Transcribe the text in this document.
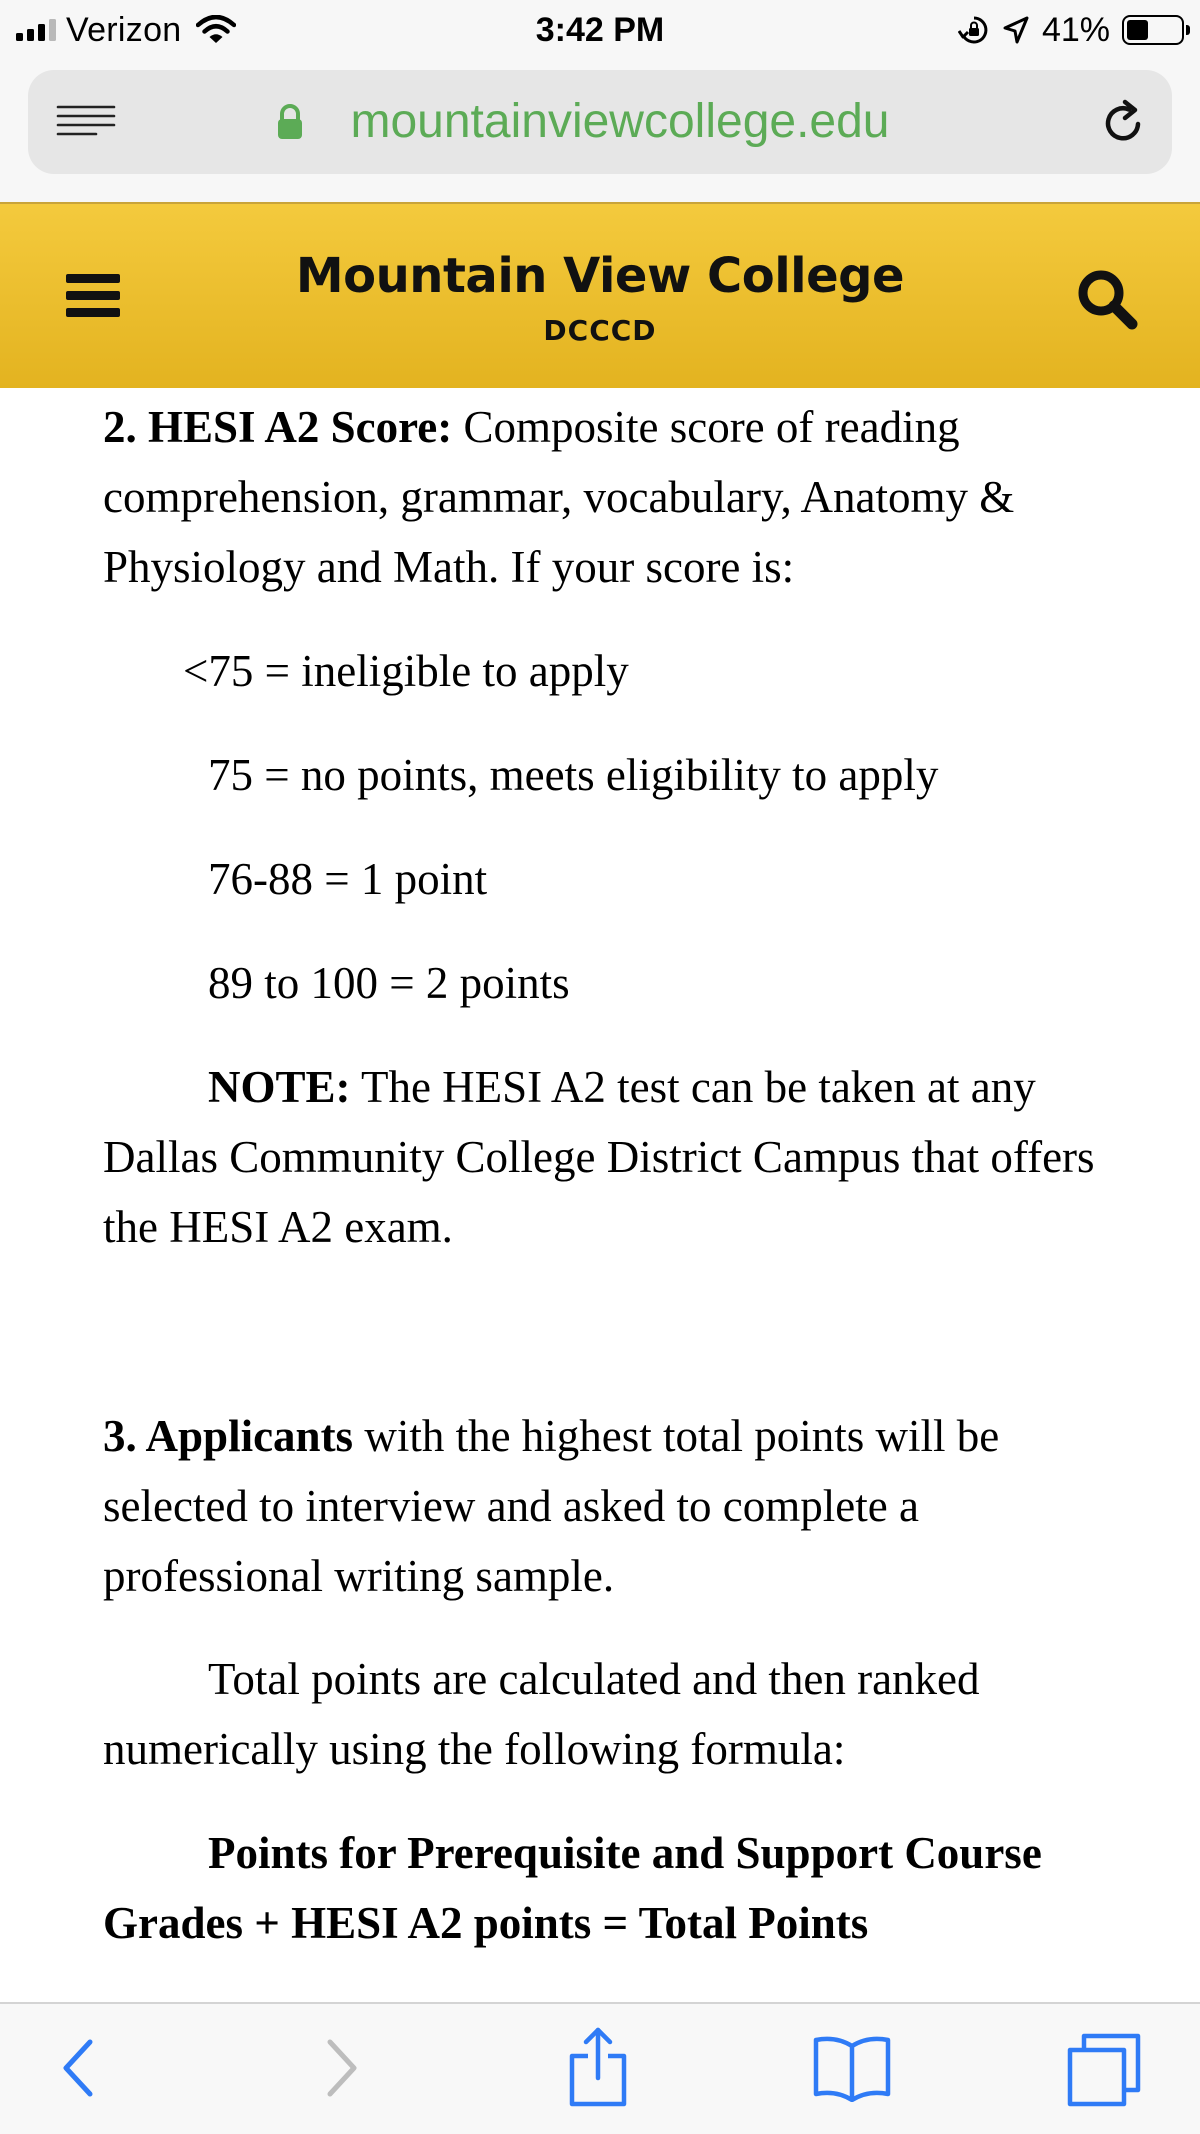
Verizon	3:42 PM	41%
mountainviewcollege.edu
Mountain View College
DCCCD

2. HESI A2 Score: Composite score of reading comprehension, grammar, vocabulary, Anatomy & Physiology and Math. If your score is:

<75 = ineligible to apply

75 = no points, meets eligibility to apply

76-88 = 1 point

89 to 100 = 2 points

NOTE: The HESI A2 test can be taken at any Dallas Community College District Campus that offers the HESI A2 exam.

3. Applicants with the highest total points will be selected to interview and asked to complete a professional writing sample.

Total points are calculated and then ranked numerically using the following formula:

Points for Prerequisite and Support Course Grades + HESI A2 points = Total Points
